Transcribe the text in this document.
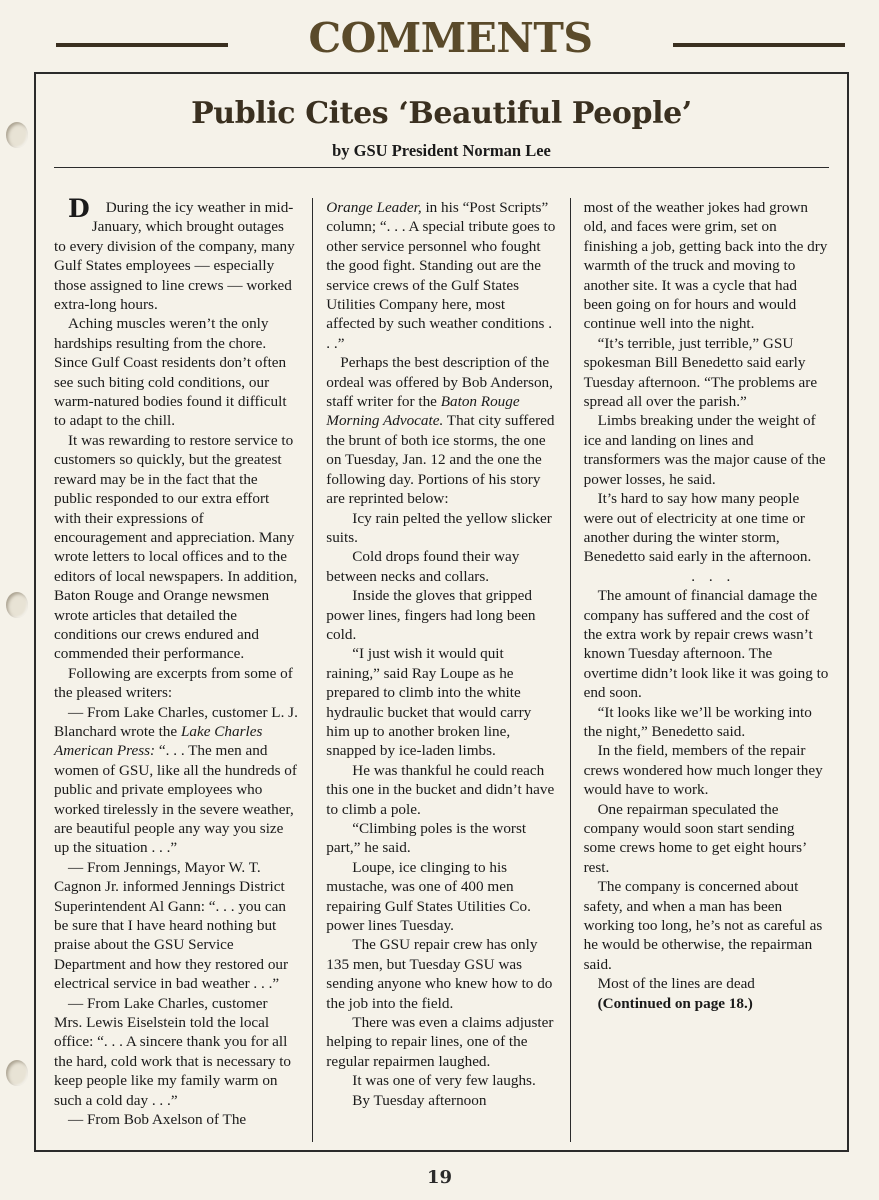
COMMENTS
Public Cites ‘Beautiful People’
by GSU President Norman Lee

D During the icy weather in mid-January, which brought outages to every division of the company, many Gulf States employees — especially those assigned to line crews — worked extra-long hours.

Aching muscles weren’t the only hardships resulting from the chore. Since Gulf Coast residents don’t often see such biting cold conditions, our warm-natured bodies found it difficult to adapt to the chill.

It was rewarding to restore service to customers so quickly, but the greatest reward may be in the fact that the public responded to our extra effort with their expressions of encouragement and appreciation. Many wrote letters to local offices and to the editors of local newspapers. In addition, Baton Rouge and Orange newsmen wrote articles that detailed the conditions our crews endured and commended their performance.

Following are excerpts from some of the pleased writers:

— From Lake Charles, customer L. J. Blanchard wrote the Lake Charles American Press: “. . . The men and women of GSU, like all the hundreds of public and private employees who worked tirelessly in the severe weather, are beautiful people any way you size up the situation . . .”

— From Jennings, Mayor W. T. Cagnon Jr. informed Jennings District Superintendent Al Gann: “. . . you can be sure that I have heard nothing but praise about the GSU Service Department and how they restored our electrical service in bad weather . . .”

— From Lake Charles, customer Mrs. Lewis Eiselstein told the local office: “. . . A sincere thank you for all the hard, cold work that is necessary to keep people like my family warm on such a cold day . . .”

— From Bob Axelson of The

Orange Leader, in his “Post Scripts” column; “. . . A special tribute goes to other service personnel who fought the good fight. Standing out are the service crews of the Gulf States Utilities Company here, most affected by such weather conditions . . .”

Perhaps the best description of the ordeal was offered by Bob Anderson, staff writer for the Baton Rouge Morning Advocate. That city suffered the brunt of both ice storms, the one on Tuesday, Jan. 12 and the one the following day. Portions of his story are reprinted below:

Icy rain pelted the yellow slicker suits.

Cold drops found their way between necks and collars.

Inside the gloves that gripped power lines, fingers had long been cold.

“I just wish it would quit raining,” said Ray Loupe as he prepared to climb into the white hydraulic bucket that would carry him up to another broken line, snapped by ice-laden limbs.

He was thankful he could reach this one in the bucket and didn’t have to climb a pole.

“Climbing poles is the worst part,” he said.

Loupe, ice clinging to his mustache, was one of 400 men repairing Gulf States Utilities Co. power lines Tuesday.

The GSU repair crew has only 135 men, but Tuesday GSU was sending anyone who knew how to do the job into the field.

There was even a claims adjuster helping to repair lines, one of the regular repairmen laughed.

It was one of very few laughs.

By Tuesday afternoon

most of the weather jokes had grown old, and faces were grim, set on finishing a job, getting back into the dry warmth of the truck and moving to another site. It was a cycle that had been going on for hours and would continue well into the night.

“It’s terrible, just terrible,” GSU spokesman Bill Benedetto said early Tuesday afternoon. “The problems are spread all over the parish.”

Limbs breaking under the weight of ice and landing on lines and transformers was the major cause of the power losses, he said.

It’s hard to say how many people were out of electricity at one time or another during the winter storm, Benedetto said early in the afternoon.

. . .

The amount of financial damage the company has suffered and the cost of the extra work by repair crews wasn’t known Tuesday afternoon. The overtime didn’t look like it was going to end soon.

“It looks like we’ll be working into the night,” Benedetto said.

In the field, members of the repair crews wondered how much longer they would have to work.

One repairman speculated the company would soon start sending some crews home to get eight hours’ rest.

The company is concerned about safety, and when a man has been working too long, he’s not as careful as he would be otherwise, the repairman said.

Most of the lines are dead

(Continued on page 18.)

19
